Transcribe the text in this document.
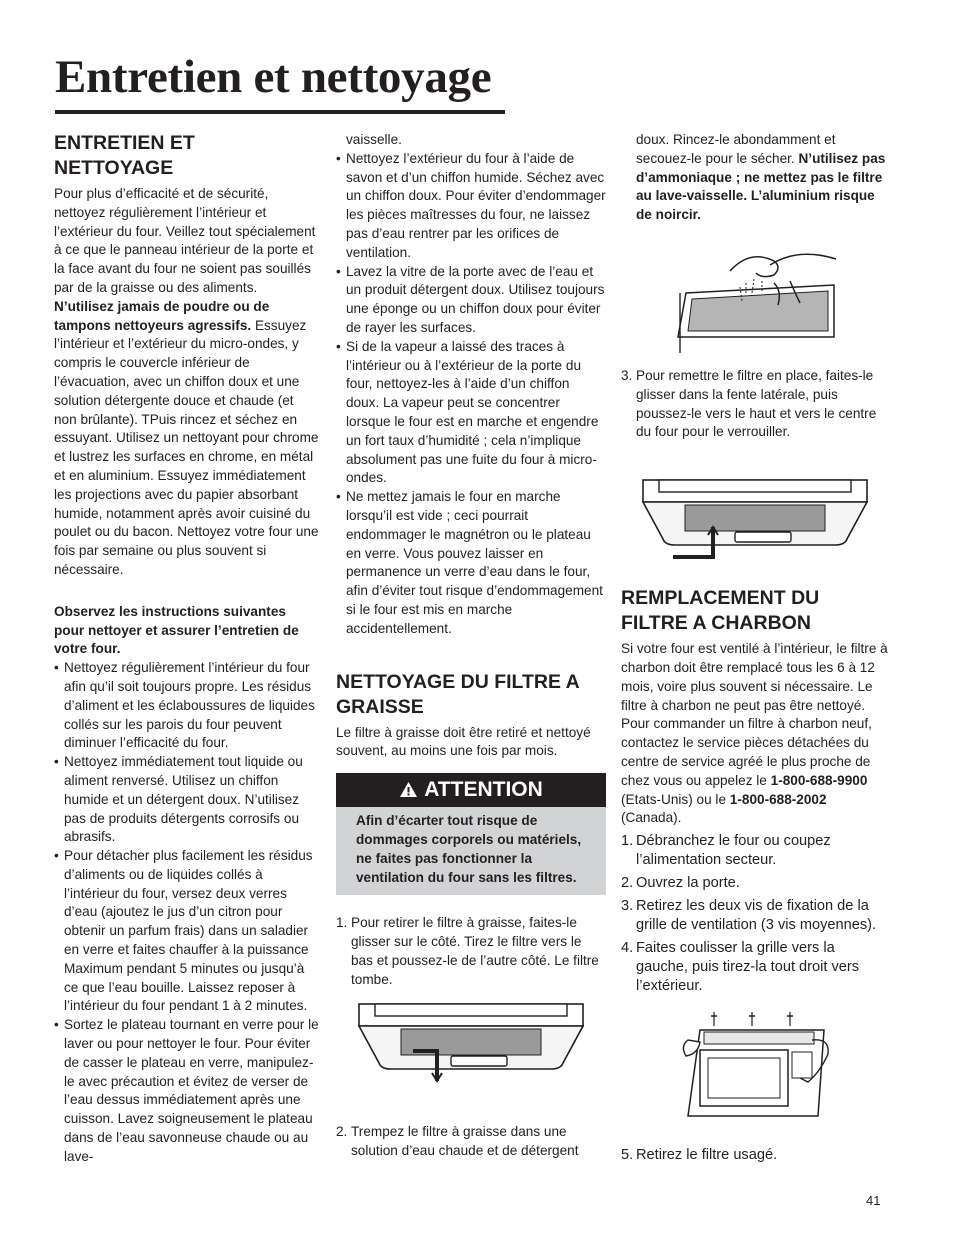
Entretien et nettoyage
ENTRETIEN ET NETTOYAGE

Pour plus d’efficacité et de sécurité, nettoyez régulièrement l’intérieur et l’extérieur du four. Veillez tout spécialement à ce que le panneau intérieur de la porte et la face avant du four ne soient pas souillés par de la graisse ou des aliments. N’utilisez jamais de poudre ou de tampons nettoyeurs agressifs. Essuyez l’intérieur et l’extérieur du micro-ondes, y compris le couvercle inférieur de l’évacuation, avec un chiffon doux et une solution détergente douce et chaude (et non brûlante). TPuis rincez et séchez en essuyant. Utilisez un nettoyant pour chrome et lustrez les surfaces en chrome, en métal et en aluminium. Essuyez immédiatement les projections avec du papier absorbant humide, notamment après avoir cuisiné du poulet ou du bacon. Nettoyez votre four une fois par semaine ou plus souvent si nécessaire.

Observez les instructions suivantes pour nettoyer et assurer l’entretien de votre four.

• Nettoyez régulièrement l’intérieur du four afin qu’il soit toujours propre. Les résidus d’aliment et les éclaboussures de liquides collés sur les parois du four peuvent diminuer l’efficacité du four.
• Nettoyez immédiatement tout liquide ou aliment renversé. Utilisez un chiffon humide et un détergent doux. N’utilisez pas de produits détergents corrosifs ou abrasifs.
• Pour détacher plus facilement les résidus d’aliments ou de liquides collés à l’intérieur du four, versez deux verres d’eau (ajoutez le jus d’un citron pour obtenir un parfum frais) dans un saladier en verre et faites chauffer à la puissance Maximum pendant 5 minutes ou jusqu’à ce que l’eau bouille. Laissez reposer à l’intérieur du four pendant 1 à 2 minutes.
• Sortez le plateau tournant en verre pour le laver ou pour nettoyer le four. Pour éviter de casser le plateau en verre, manipulez-le avec précaution et évitez de verser de l’eau dessus immédiatement après une cuisson. Lavez soigneusement le plateau dans de l’eau savonneuse chaude ou au lave-

vaisselle.

• Nettoyez l’extérieur du four à l’aide de savon et d’un chiffon humide. Séchez avec un chiffon doux. Pour éviter d’endommager les pièces maîtresses du four, ne laissez pas d’eau rentrer par les orifices de ventilation.
• Lavez la vitre de la porte avec de l’eau et un produit détergent doux. Utilisez toujours une éponge ou un chiffon doux pour éviter de rayer les surfaces.
• Si de la vapeur a laissé des traces à l’intérieur ou à l’extérieur de la porte du four, nettoyez-les à l’aide d’un chiffon doux. La vapeur peut se concentrer lorsque le four est en marche et engendre un fort taux d’humidité ; cela n’implique absolument pas une fuite du four à micro-ondes.
• Ne mettez jamais le four en marche lorsqu’il est vide ; ceci pourrait endommager le magnétron ou le plateau en verre. Vous pouvez laisser en permanence un verre d’eau dans le four, afin d’éviter tout risque d’endommagement si le four est mis en marche accidentellement.
NETTOYAGE DU FILTRE A GRAISSE

Le filtre à graisse doit être retiré et nettoyé souvent, au moins une fois par mois.

ATTENTION
Afin d’écarter tout risque de dommages corporels ou matériels, ne faites pas fonctionner la ventilation du four sans les filtres.
1. Pour retirer le filtre à graisse, faites-le glisser sur le côté. Tirez le filtre vers le bas et poussez-le de l’autre côté. Le filtre tombe.
2. Trempez le filtre à graisse dans une solution d’eau chaude et de détergent

doux. Rincez-le abondamment et secouez-le pour le sécher. N’utilisez pas d’ammoniaque ; ne mettez pas le filtre au lave-vaisselle. L’aluminium risque de noircir.

3. Pour remettre le filtre en place, faites-le glisser dans la fente latérale, puis poussez-le vers le haut et vers le centre du four pour le verrouiller.
REMPLACEMENT DU FILTRE A CHARBON

Si votre four est ventilé à l’intérieur, le filtre à charbon doit être remplacé tous les 6 à 12 mois, voire plus souvent si nécessaire. Le filtre à charbon ne peut pas être nettoyé. Pour commander un filtre à charbon neuf, contactez le service pièces détachées du centre de service agréé le plus proche de chez vous ou appelez le 1-800-688-9900 (Etats-Unis) ou le 1-800-688-2002 (Canada).

1. Débranchez le four ou coupez l’alimentation secteur.
2. Ouvrez la porte.
3. Retirez les deux vis de fixation de la grille de ventilation (3 vis moyennes).
4. Faites coulisser la grille vers la gauche, puis tirez-la tout droit vers l’extérieur.
5. Retirez le filtre usagé.
41
